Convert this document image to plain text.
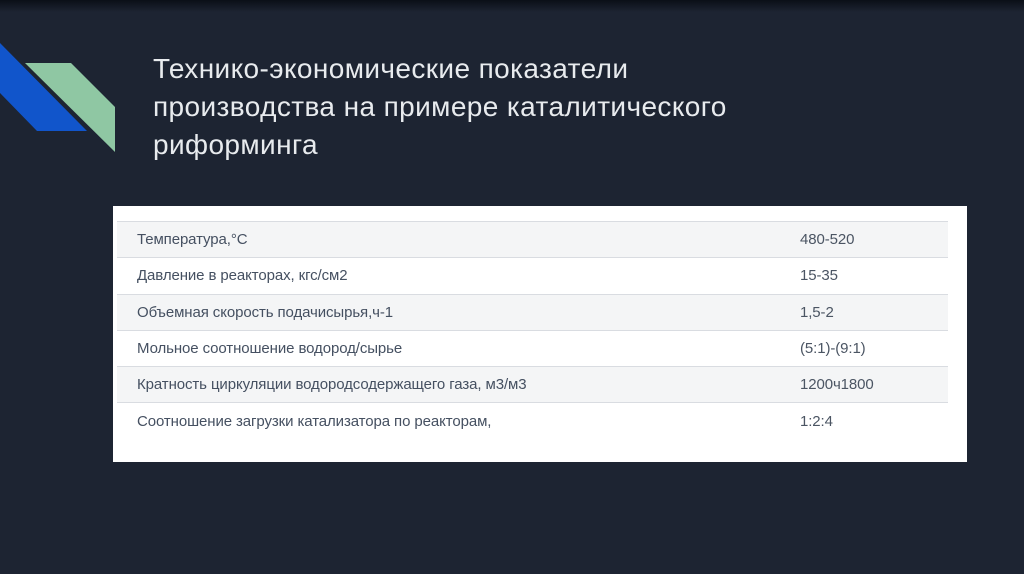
Технико-экономические показатели
производства на примере каталитического
риформинга
Температура,°С	480-520
Давление в реакторах, кгс/см2	15-35
Объемная скорость подачисырья,ч-1	1,5-2
Мольное соотношение водород/сырье	(5:1)-(9:1)
Кратность циркуляции водородсодержащего газа, м3/м3	1200ч1800
Соотношение загрузки катализатора по реакторам,	1:2:4
